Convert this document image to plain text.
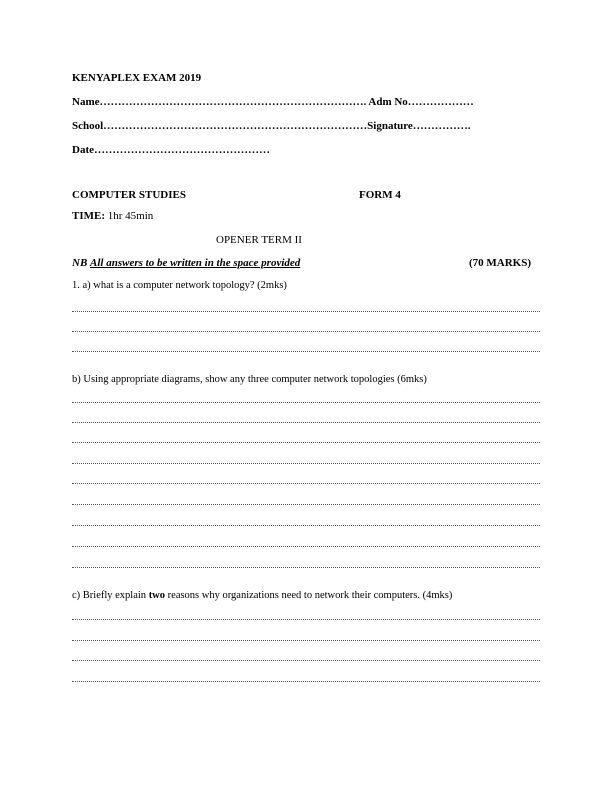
KENYAPLEX EXAM 2019
Name………………………………………………………………. Adm No………………
School………………………………………………………………Signature…………….
Date…………………………………………
COMPUTER STUDIES	FORM 4
TIME: 1hr 45min
OPENER TERM II
NB All answers to be written in the space provided	(70 MARKS)
1. a) what is a computer network topology? (2mks)
b) Using appropriate diagrams, show any three computer network topologies (6mks)
c) Briefly explain two reasons why organizations need to network their computers. (4mks)
